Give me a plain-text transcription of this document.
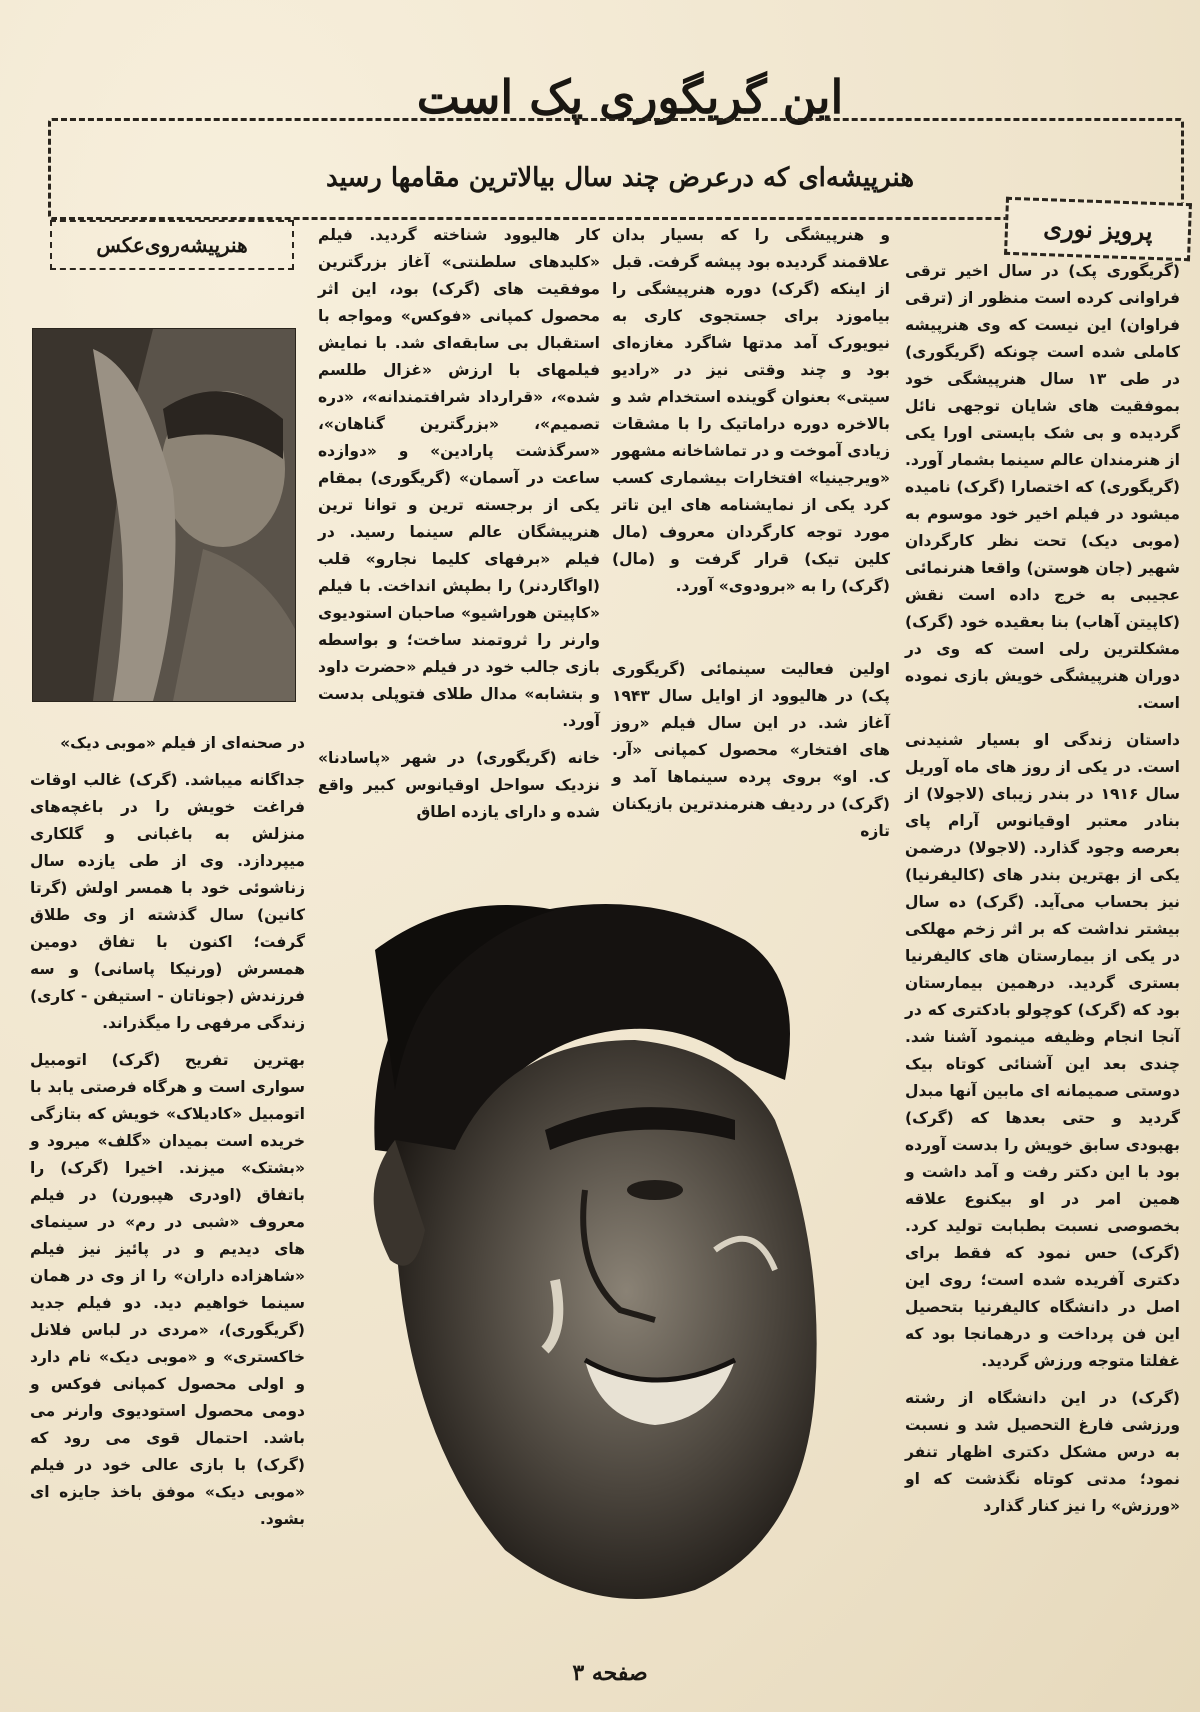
این گریگوری پک است
هنرپیشه‌ای که درعرض چند سال بیالاترین مقامها رسید
پرویز نوری
هنرپیشه‌روی‌عکس

(گریگوری پک) در سال اخیر ترقی فراوانی کرده است منظور از (ترقی فراوان) این نیست که وی هنرپیشه کاملی شده است چونکه (گریگوری) در طی ۱۳ سال هنرپیشگی خود بموفقیت های شایان توجهی نائل گردیده و بی شک بایستی اورا یکی از هنرمندان عالم سینما بشمار آورد. (گریگوری) که اختصارا (گرک) نامیده میشود در فیلم اخیر خود موسوم به (موبی دیک) تحت نظر کارگردان شهیر (جان هوستن) واقعا هنرنمائی عجیبی به خرج داده است نقش (کاپیتن آهاب) بنا بعقیده خود (گرک) مشکلترین رلی است که وی در دوران هنرپیشگی خویش بازی نموده است.

داستان زندگی او بسیار شنیدنی است. در یکی از روز های ماه آوریل سال ۱۹۱۶ در بندر زیبای (لاجولا) از بنادر معتبر اوقیانوس آرام پای بعرصه وجود گذارد. (لاجولا) درضمن یکی از بهترین بندر های (کالیفرنیا) نیز بحساب می‌آید. (گرک) ده سال بیشتر نداشت که بر اثر زخم مهلکی در یکی از بیمارستان های کالیفرنیا بستری گردید. درهمین بیمارستان بود که (گرک) کوچولو بادکتری که در آنجا انجام وظیفه مینمود آشنا شد. چندی بعد این آشنائی کوتاه بیک دوستی صمیمانه ای مابین آنها مبدل گردید و حتی بعدها که (گرک) بهبودی سابق خویش را بدست آورده بود با این دکتر رفت و آمد داشت و همین امر در او بیکنوع علاقه بخصوصی نسبت بطبابت تولید کرد. (گرک) حس نمود که فقط برای دکتری آفریده شده است؛ روی این اصل در دانشگاه کالیفرنیا بتحصیل این فن پرداخت و درهمانجا بود که غفلتا متوجه ورزش گردید.

(گرک) در این دانشگاه از رشته ورزشی فارغ التحصیل شد و نسبت به درس مشکل دکتری اظهار تنفر نمود؛ مدتی کوتاه نگذشت که او «ورزش» را نیز کنار گذارد

و هنرپیشگی را که بسیار بدان علاقمند گردیده بود پیشه گرفت. قبل از اینکه (گرک) دوره هنرپیشگی را بیاموزد برای جستجوی کاری به نیویورک آمد مدتها شاگرد مغازه‌ای بود و چند وقتی نیز در «رادیو سیتی» بعنوان گوینده استخدام شد و بالاخره دوره دراماتیک را با مشقات زیادی آموخت و در تماشاخانه مشهور «ویرجینیا» افتخارات بیشماری کسب کرد یکی از نمایشنامه های این تاتر مورد توجه کارگردان معروف (مال کلین تیک) قرار گرفت و (مال) (گرک) را به «برودوی» آورد.

اولین فعالیت سینمائی (گریگوری پک) در هالیوود از اوایل سال ۱۹۴۳ آغاز شد. در این سال فیلم «روز های افتخار» محصول کمپانی «آر. ک. او» بروی پرده سینماها آمد و (گرک) در ردیف هنرمندترین بازیکنان تازه

کار هالیوود شناخته گردید. فیلم «کلیدهای سلطنتی» آغاز بزرگترین موفقیت های (گرک) بود، این اثر محصول کمپانی «فوکس» ومواجه با استقبال بی سابقه‌ای شد. با نمایش فیلمهای با ارزش «غزال طلسم شده»، «قرارداد شرافتمندانه»، «دره تصمیم»، «بزرگترین گناهان»، «سرگذشت پارادین» و «دوازده ساعت در آسمان» (گریگوری) بمقام یکی از برجسته ترین و توانا ترین هنرپیشگان عالم سینما رسید. در فیلم «برفهای کلیما نجارو» قلب (اواگاردنر) را بطپش انداخت. با فیلم «کاپیتن هوراشیو» صاحبان استودیوی وارنر را ثروتمند ساخت؛ و بواسطه بازی جالب خود در فیلم «حضرت داود و بتشابه» مدال طلای فتوپلی بدست آورد.

خانه (گریگوری) در شهر «پاسادنا» نزدیک سواحل اوقیانوس کبیر واقع شده و دارای یازده اطاق

در صحنه‌ای از فیلم «موبی دیک»

جداگانه میباشد. (گرک) غالب اوقات فراغت خویش را در باغچه‌های منزلش به باغبانی و گلکاری میپردازد. وی از طی یازده سال زناشوئی خود با همسر اولش (گرتا کانین) سال گذشته از وی طلاق گرفت؛ اکنون با تفاق دومین همسرش (ورنیکا پاسانی) و سه فرزندش (جوناتان - استیفن - کاری) زندگی مرفهی را میگذراند.

بهترین تفریح (گرک) اتومبیل سواری است و هرگاه فرصتی یابد با اتومبیل «کادیلاک» خویش که بتازگی خریده است بمیدان «گلف» میرود و «بشتک» میزند. اخیرا (گرک) را باتفاق (اودری هپبورن) در فیلم معروف «شبی در رم» در سینمای های دیدیم و در پائیز نیز فیلم «شاهزاده داران» را از وی در همان سینما خواهیم دید. دو فیلم جدید (گریگوری)، «مردی در لباس فلانل خاکستری» و «موبی دیک» نام دارد و اولی محصول کمپانی فوکس و دومی محصول استودیوی وارنر می باشد. احتمال قوی می رود که (گرک) با بازی عالی خود در فیلم «موبی دیک» موفق باخذ جایزه ای بشود.

صفحه ۳
